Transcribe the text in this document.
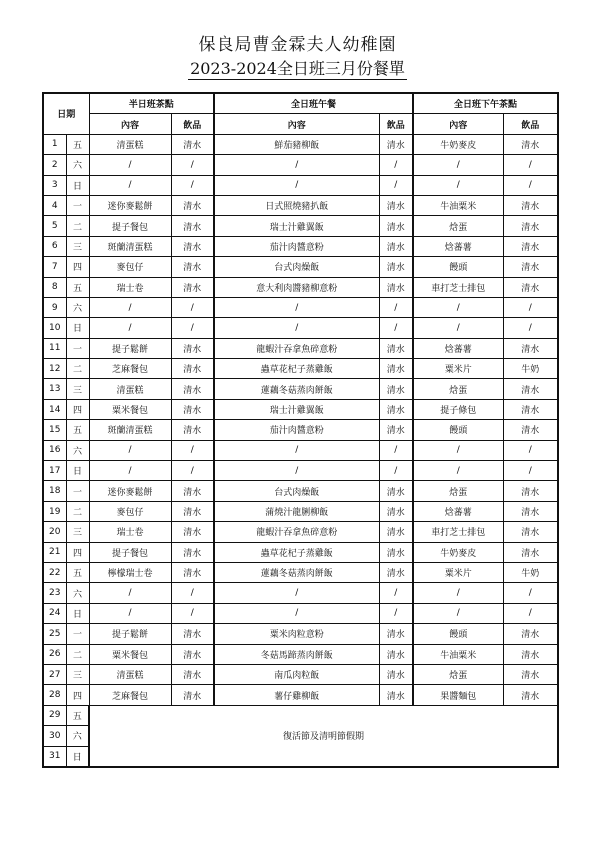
保良局曹金霖夫人幼稚園
2023-2024全日班三月份餐單
日期		半日班茶點		全日班午餐		全日班下午茶點	
		內容	飲品	內容	飲品	內容	飲品
1	五	清蛋糕	清水	鮮茄豬柳飯	清水	牛奶麥皮	清水
2	六	/	/	/	/	/	/
3	日	/	/	/	/	/	/
4	一	迷你麥鬆餅	清水	日式照燒豬扒飯	清水	牛油粟米	清水
5	二	提子餐包	清水	瑞士汁雞翼飯	清水	焓蛋	清水
6	三	斑蘭清蛋糕	清水	茄汁肉醬意粉	清水	焓蕃薯	清水
7	四	麥包仔	清水	台式肉燥飯	清水	饅頭	清水
8	五	瑞士卷	清水	意大利肉醬豬柳意粉	清水	車打芝士排包	清水
9	六	/	/	/	/	/	/
10	日	/	/	/	/	/	/
11	一	提子鬆餅	清水	龍蝦汁吞拿魚碎意粉	清水	焓蕃薯	清水
12	二	芝麻餐包	清水	蟲草花杞子蒸雞飯	清水	粟米片	牛奶
13	三	清蛋糕	清水	蓮藕冬菇蒸肉餅飯	清水	焓蛋	清水
14	四	粟米餐包	清水	瑞士汁雞翼飯	清水	提子條包	清水
15	五	斑蘭清蛋糕	清水	茄汁肉醬意粉	清水	饅頭	清水
16	六	/	/	/	/	/	/
17	日	/	/	/	/	/	/
18	一	迷你麥鬆餅	清水	台式肉燥飯	清水	焓蛋	清水
19	二	麥包仔	清水	蒲燒汁龍脷柳飯	清水	焓蕃薯	清水
20	三	瑞士卷	清水	龍蝦汁吞拿魚碎意粉	清水	車打芝士排包	清水
21	四	提子餐包	清水	蟲草花杞子蒸雞飯	清水	牛奶麥皮	清水
22	五	檸檬瑞士卷	清水	蓮藕冬菇蒸肉餅飯	清水	粟米片	牛奶
23	六	/	/	/	/	/	/
24	日	/	/	/	/	/	/
25	一	提子鬆餅	清水	粟米肉粒意粉	清水	饅頭	清水
26	二	粟米餐包	清水	冬菇馬蹄蒸肉餅飯	清水	牛油粟米	清水
27	三	清蛋糕	清水	南瓜肉粒飯	清水	焓蛋	清水
28	四	芝麻餐包	清水	薯仔雞柳飯	清水	果醬麵包	清水
29	五	復活節及清明節假期					
30	六						
31	日						
